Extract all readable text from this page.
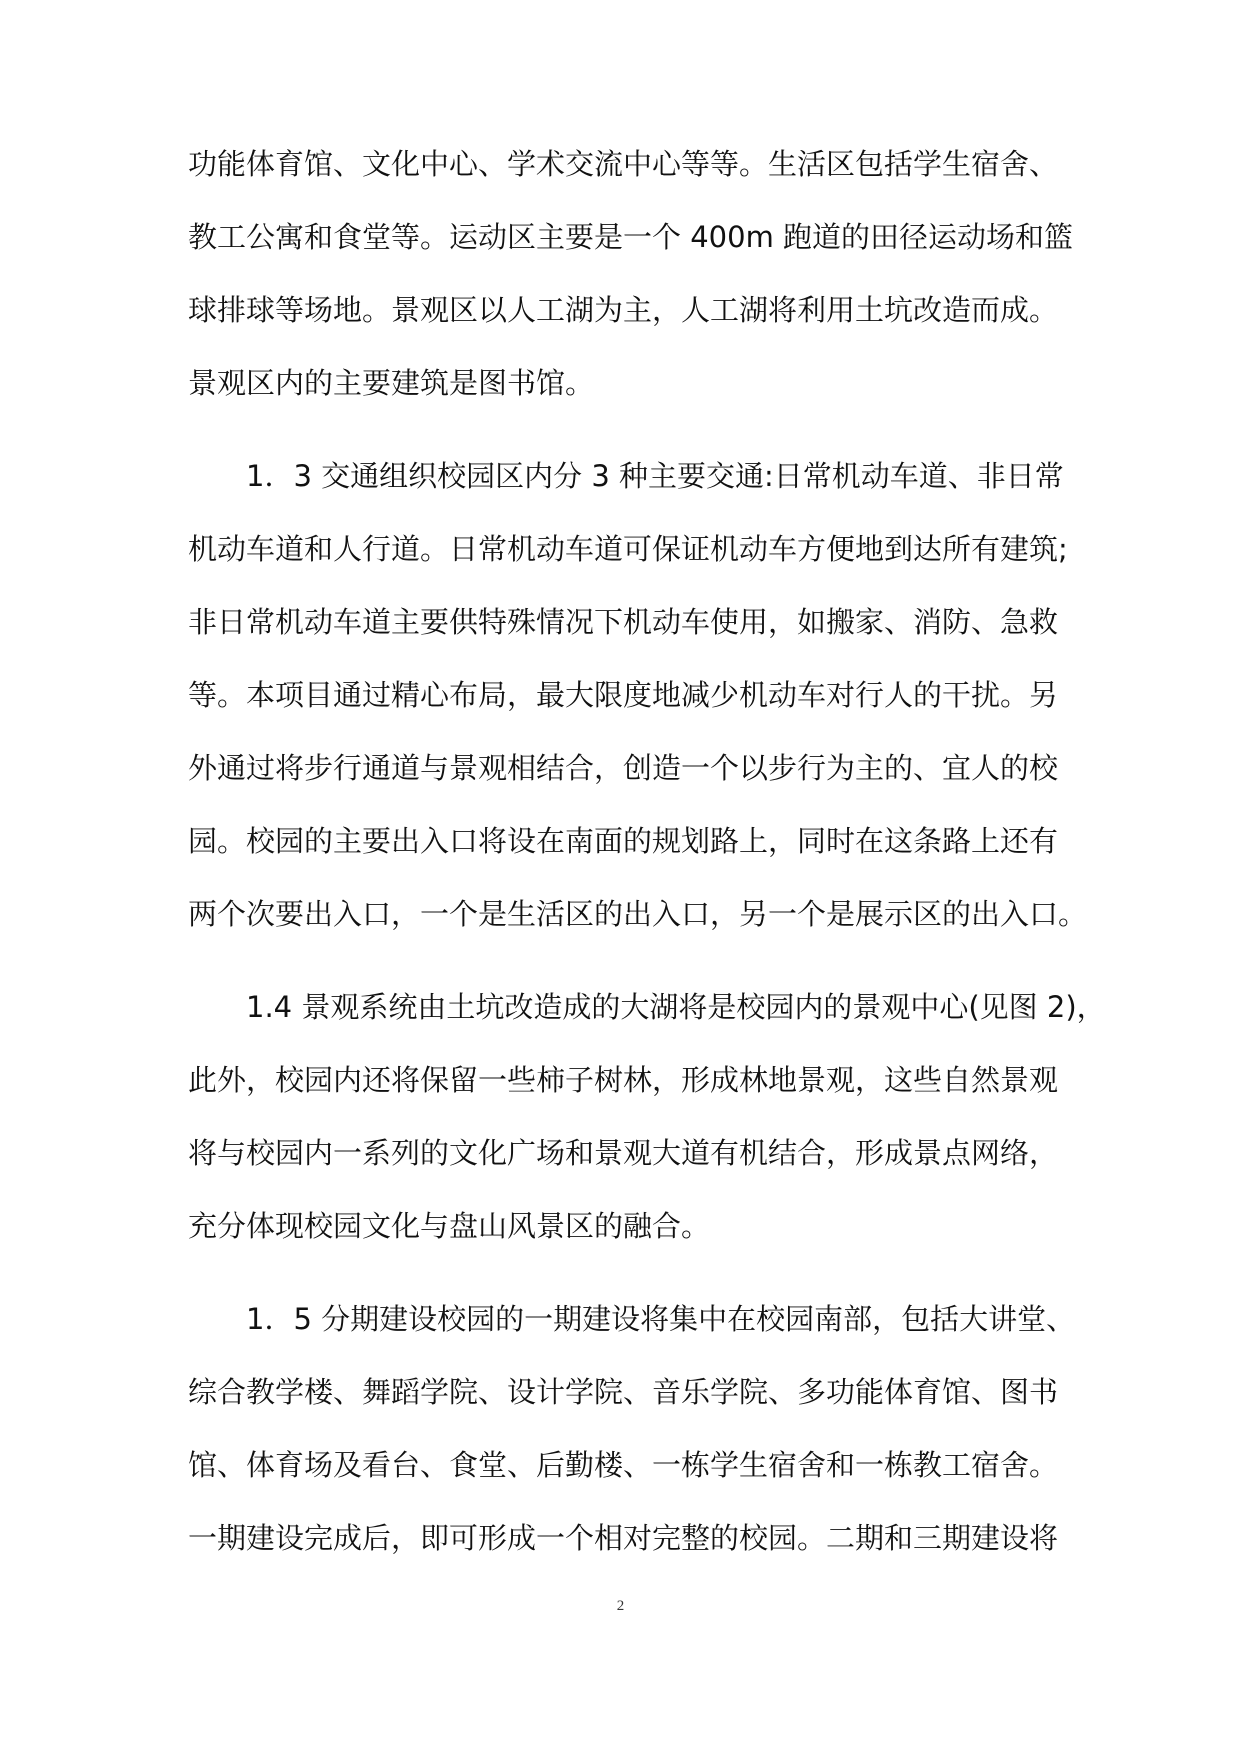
功能体育馆、文化中心、学术交流中心等等。生活区包括学生宿舍、
教工公寓和食堂等。运动区主要是一个 400m 跑道的田径运动场和篮
球排球等场地。景观区以人工湖为主，人工湖将利用土坑改造而成。
景观区内的主要建筑是图书馆。
1．3 交通组织校园区内分 3 种主要交通:日常机动车道、非日常
机动车道和人行道。日常机动车道可保证机动车方便地到达所有建筑;
非日常机动车道主要供特殊情况下机动车使用，如搬家、消防、急救
等。本项目通过精心布局，最大限度地减少机动车对行人的干扰。另
外通过将步行通道与景观相结合，创造一个以步行为主的、宜人的校
园。校园的主要出入口将设在南面的规划路上，同时在这条路上还有
两个次要出入口，一个是生活区的出入口，另一个是展示区的出入口。
1.4 景观系统由土坑改造成的大湖将是校园内的景观中心(见图 2)，
此外，校园内还将保留一些柿子树林，形成林地景观，这些自然景观
将与校园内一系列的文化广场和景观大道有机结合，形成景点网络，
充分体现校园文化与盘山风景区的融合。
1．5 分期建设校园的一期建设将集中在校园南部，包括大讲堂、
综合教学楼、舞蹈学院、设计学院、音乐学院、多功能体育馆、图书
馆、体育场及看台、食堂、后勤楼、一栋学生宿舍和一栋教工宿舍。
一期建设完成后，即可形成一个相对完整的校园。二期和三期建设将
2
